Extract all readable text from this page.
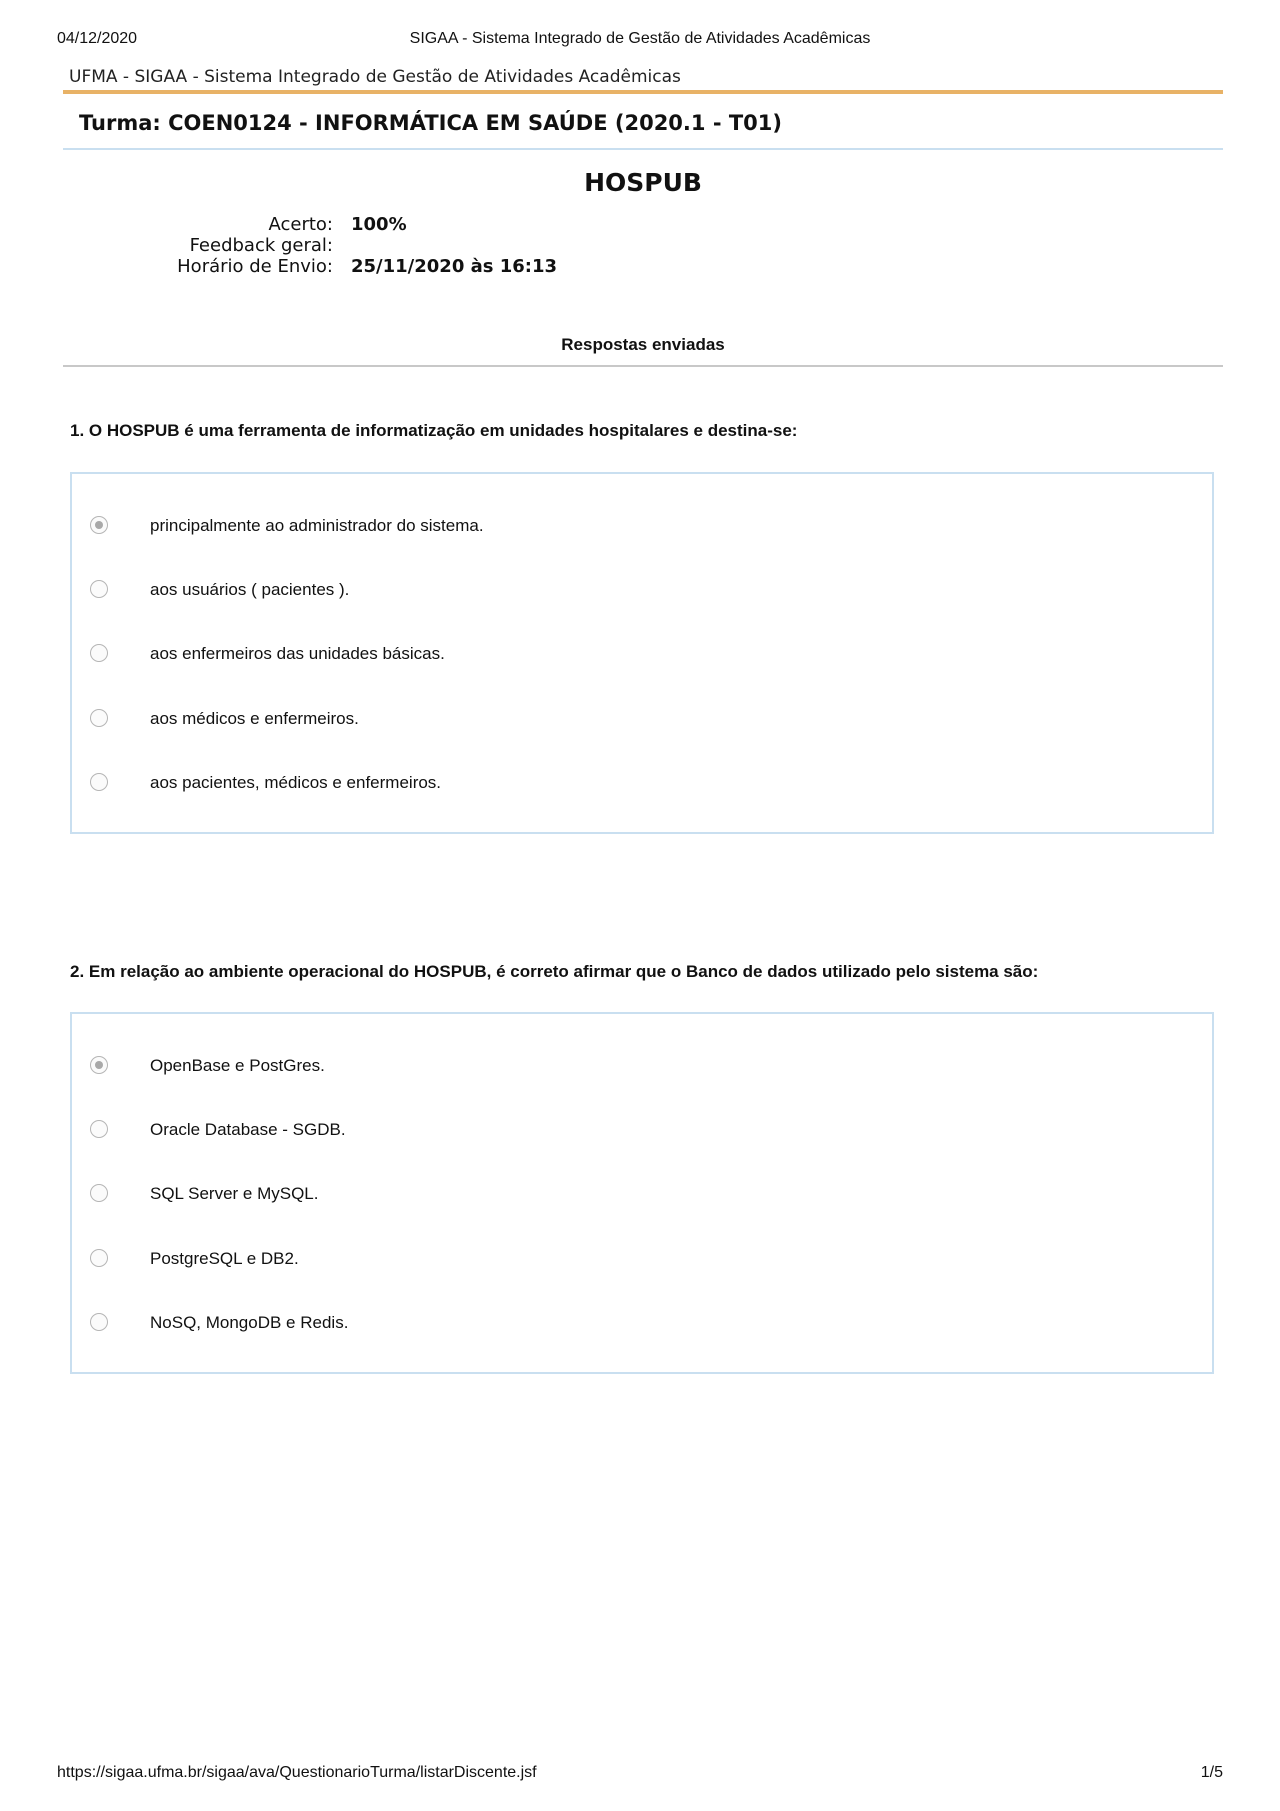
04/12/2020	SIGAA - Sistema Integrado de Gestão de Atividades Acadêmicas
UFMA - SIGAA - Sistema Integrado de Gestão de Atividades Acadêmicas
Turma: COEN0124 - INFORMÁTICA EM SAÚDE (2020.1 - T01)
HOSPUB
Acerto:	100%
Feedback geral:	
Horário de Envio:	25/11/2020 às 16:13
Respostas enviadas
1. O HOSPUB é uma ferramenta de informatização em unidades hospitalares e destina-se:
principalmente ao administrador do sistema.
aos usuários ( pacientes ).
aos enfermeiros das unidades básicas.
aos médicos e enfermeiros.
aos pacientes, médicos e enfermeiros.
2. Em relação ao ambiente operacional do HOSPUB, é correto afirmar que o Banco de dados utilizado pelo sistema são:
OpenBase e PostGres.
Oracle Database - SGDB.
SQL Server e MySQL.
PostgreSQL e DB2.
NoSQ, MongoDB e Redis.
https://sigaa.ufma.br/sigaa/ava/QuestionarioTurma/listarDiscente.jsf	1/5
